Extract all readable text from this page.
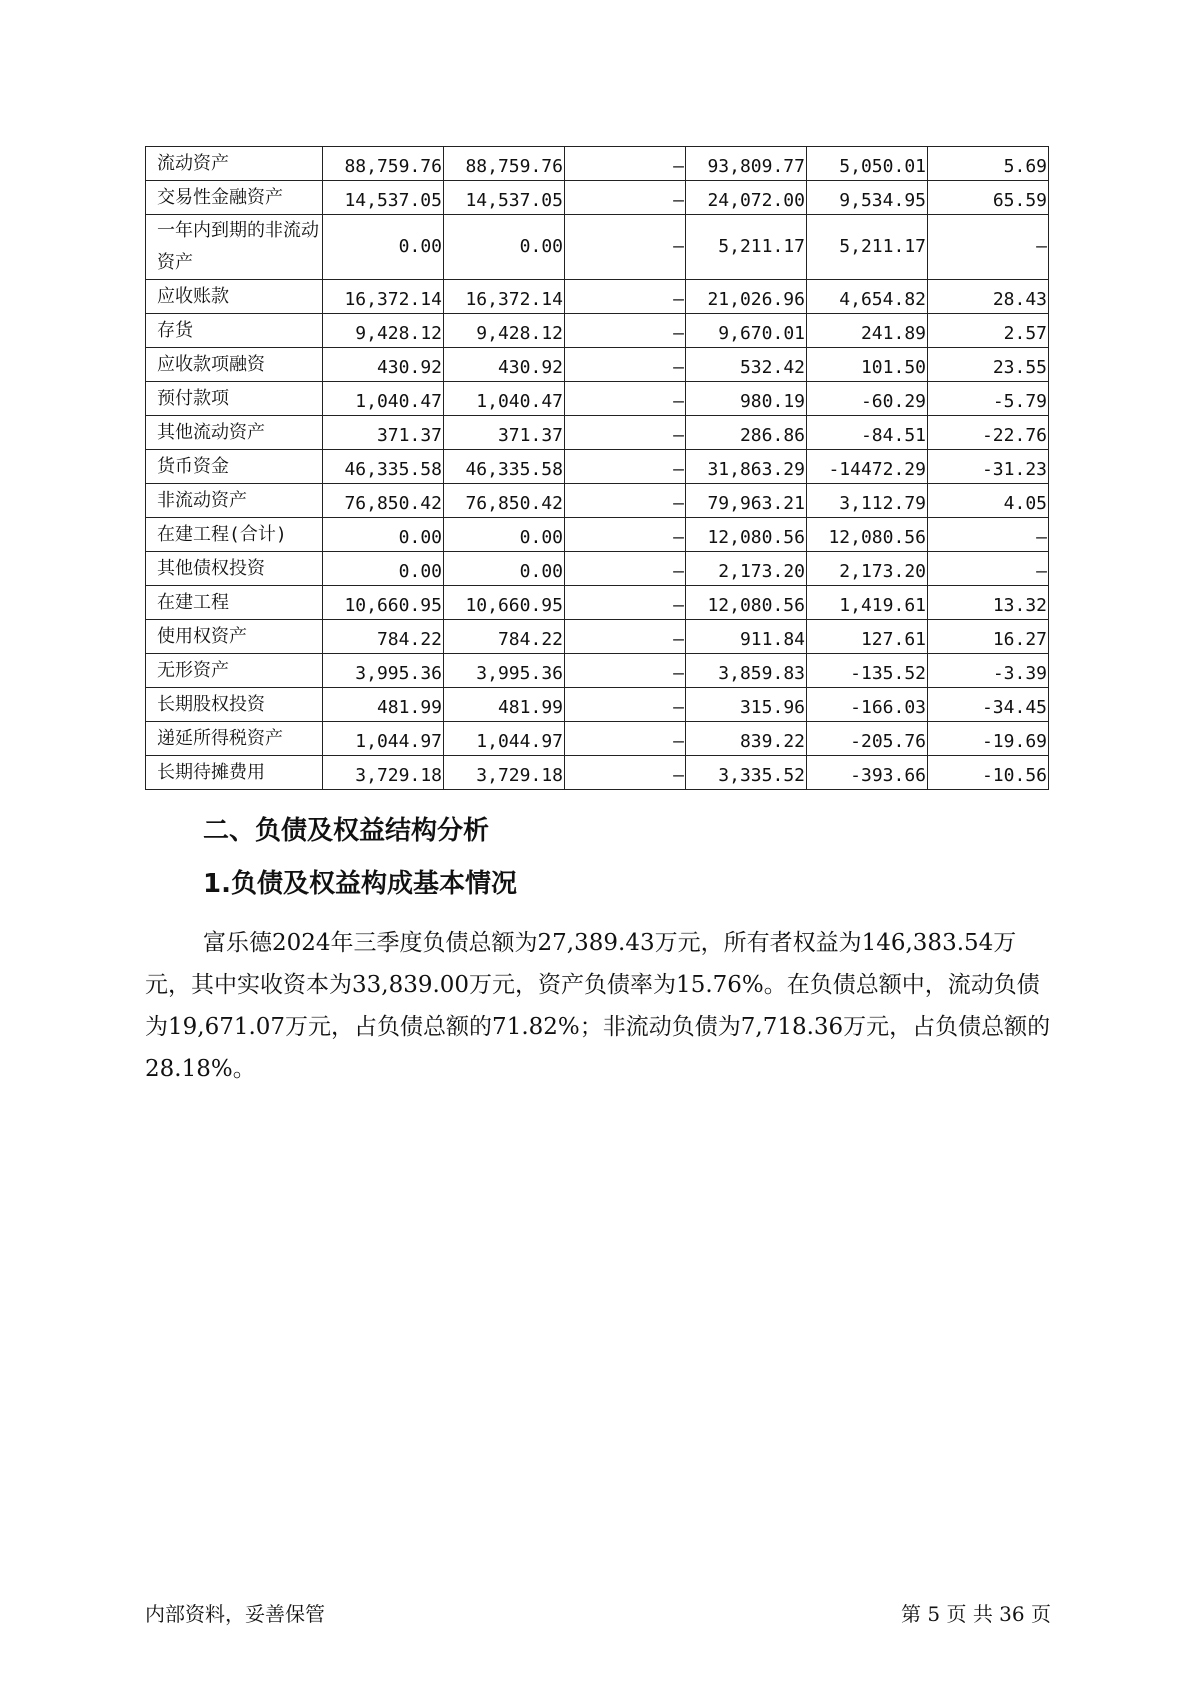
流动资产	88,759.76	88,759.76	–	93,809.77	5,050.01	5.69
交易性金融资产	14,537.05	14,537.05	–	24,072.00	9,534.95	65.59
一年内到期的非流动资产	0.00	0.00	–	5,211.17	5,211.17	–
应收账款	16,372.14	16,372.14	–	21,026.96	4,654.82	28.43
存货	9,428.12	9,428.12	–	9,670.01	241.89	2.57
应收款项融资	430.92	430.92	–	532.42	101.50	23.55
预付款项	1,040.47	1,040.47	–	980.19	-60.29	-5.79
其他流动资产	371.37	371.37	–	286.86	-84.51	-22.76
货币资金	46,335.58	46,335.58	–	31,863.29	-14472.29	-31.23
非流动资产	76,850.42	76,850.42	–	79,963.21	3,112.79	4.05
在建工程(合计)	0.00	0.00	–	12,080.56	12,080.56	–
其他债权投资	0.00	0.00	–	2,173.20	2,173.20	–
在建工程	10,660.95	10,660.95	–	12,080.56	1,419.61	13.32
使用权资产	784.22	784.22	–	911.84	127.61	16.27
无形资产	3,995.36	3,995.36	–	3,859.83	-135.52	-3.39
长期股权投资	481.99	481.99	–	315.96	-166.03	-34.45
递延所得税资产	1,044.97	1,044.97	–	839.22	-205.76	-19.69
长期待摊费用	3,729.18	3,729.18	–	3,335.52	-393.66	-10.56
二、负债及权益结构分析
1.负债及权益构成基本情况
富乐德2024年三季度负债总额为27,389.43万元，所有者权益为146,383.54万元，其中实收资本为33,839.00万元，资产负债率为15.76%。在负债总额中，流动负债为19,671.07万元，占负债总额的71.82%；非流动负债为7,718.36万元，占负债总额的28.18%。
内部资料，妥善保管	第 5 页 共 36 页
